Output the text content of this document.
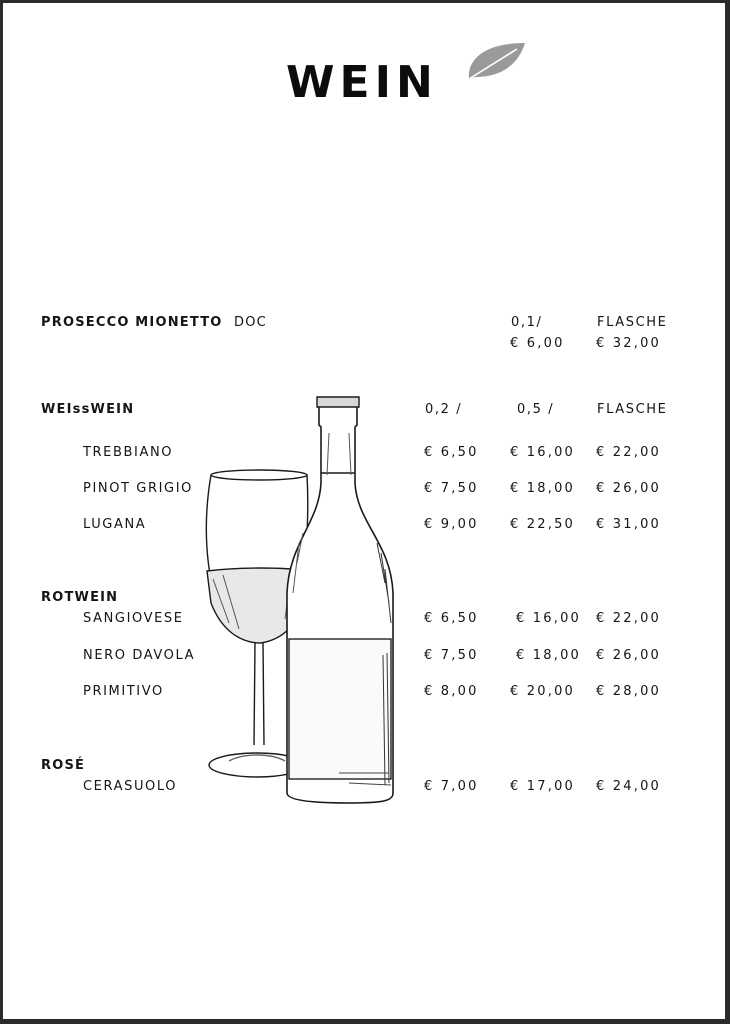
WEIN
PROSECCO MIONETTO DOC	0,1/	FLASCHE
€ 6,00 € 32,00
WEIssWEIN	0,2 /	0,5 /	FLASCHE
TREBBIANO	€ 6,50 € 16,00 € 22,00
PINOT GRIGIO	€ 7,50 € 18,00 € 26,00
LUGANA	€ 9,00 € 22,50 € 31,00
ROTWEIN
SANGIOVESE	€ 6,50	€ 16,00 € 22,00
NERO DAVOLA	€ 7,50	€ 18,00 € 26,00
PRIMITIVO	€ 8,00 € 20,00 € 28,00
ROSÉ
CERASUOLO	€ 7,00 € 17,00 € 24,00
